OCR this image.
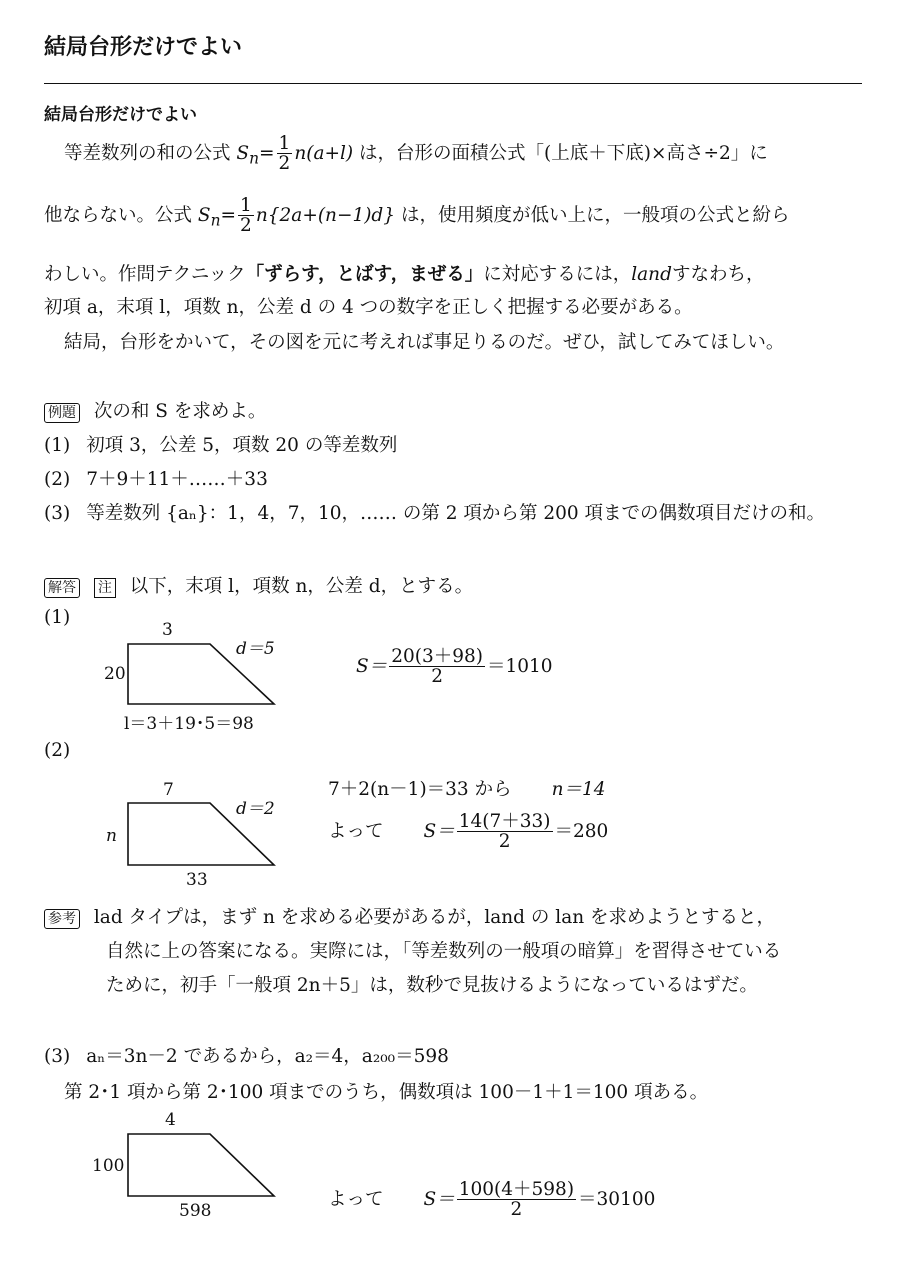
結局台形だけでよい
結局台形だけでよい
等差数列の和の公式 $S_n= \frac{1}{2} n(a+l)$ は，台形の面積公式「(上底＋下底)×高さ÷2」に
他ならない。公式 $S_n= \frac{1}{2} n\{2a+(n-1)d\}$ は，使用頻度が低い上に，一般項の公式と紛ら
わしい。作問テクニック「ずらす，とばす，まぜる」に対応するには，landすなわち，
初項 a，末項 l，項数 n，公差 d の 4 つの数字を正しく把握する必要がある。
結局，台形をかいて，その図を元に考えれば事足りるのだ。ぜひ，試してみてほしい。
例題 次の和 S を求めよ。
(1) 初項 3，公差 5，項数 20 の等差数列
(2) 7＋9＋11＋……＋33
(3) 等差数列 {aₙ}：1，4，7，10，…… の第 2 項から第 200 項までの偶数項目だけの和。
解答 注 以下，末項 l，項数 n，公差 d，とする。
(1)
3
20
d＝5
l＝3＋19･5＝98
$S= \frac{20(3+98)}{2} =1010$
(2)
7
n
d＝2
33
7＋2(n－1)＝33 から n＝14
よって $S= \frac{14(7+33)}{2} =280$
参考 lad タイプは，まず n を求める必要があるが，land の lan を求めようとすると，
自然に上の答案になる。実際には，「等差数列の一般項の暗算」を習得させている
ために，初手「一般項 2n＋5」は，数秒で見抜けるようになっているはずだ。
(3) aₙ＝3n－2 であるから，a₂＝4，a₂₀₀＝598
第 2･1 項から第 2･100 項までのうち，偶数項は 100－1＋1＝100 項ある。
4
100
598
よって $S= \frac{100(4+598)}{2} =30100$
